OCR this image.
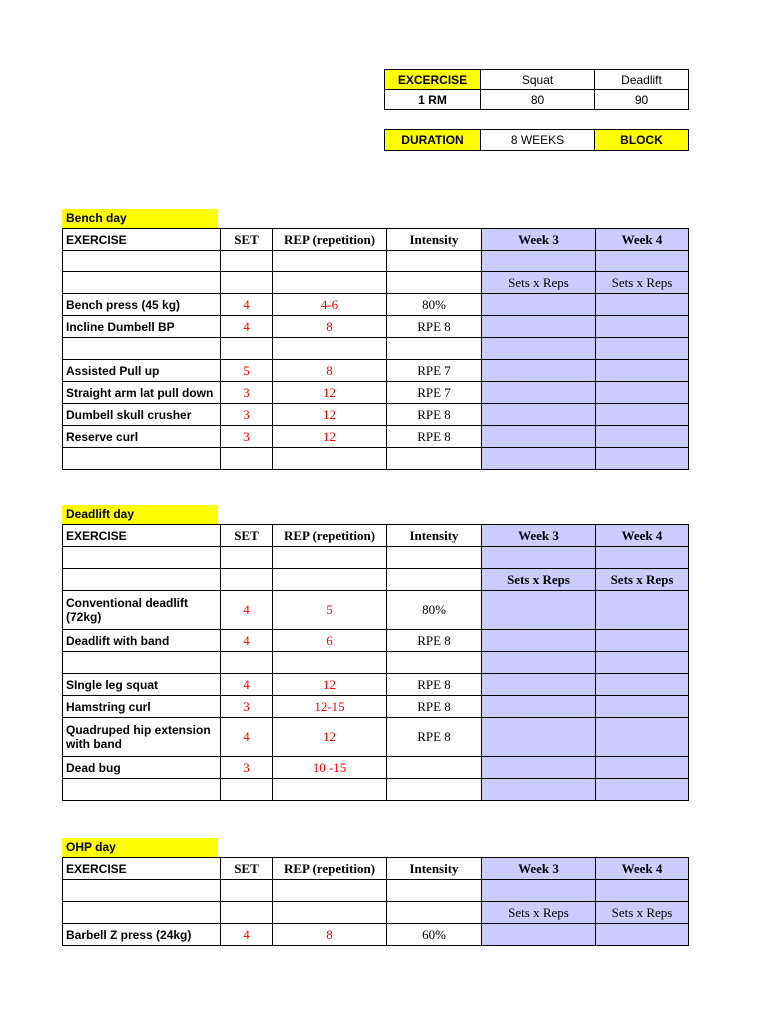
EXCERCISE	Squat	Deadlift
1 RM	80	90
DURATION	8 WEEKS	BLOCK
Bench day
EXERCISE	SET	REP (repetition)	Intensity	Week 3	Week 4

				Sets x Reps	Sets x Reps
Bench press (45 kg)	4	4-6	80%		
Incline Dumbell BP	4	8	RPE 8		

Assisted Pull up	5	8	RPE 7		
Straight arm lat pull down	3	12	RPE 7		
Dumbell skull crusher	3	12	RPE 8		
Reserve curl	3	12	RPE 8		

Deadlift day
EXERCISE	SET	REP (repetition)	Intensity	Week 3	Week 4

				Sets x Reps	Sets x Reps
Conventional deadlift (72kg)	4	5	80%		
Deadlift with band	4	6	RPE 8		

SIngle leg squat	4	12	RPE 8		
Hamstring curl	3	12-15	RPE 8		
Quadruped hip extension with band	4	12	RPE 8		
Dead bug	3	10 -15			

OHP day
EXERCISE	SET	REP (repetition)	Intensity	Week 3	Week 4

				Sets x Reps	Sets x Reps
Barbell Z press (24kg)	4	8	60%		
